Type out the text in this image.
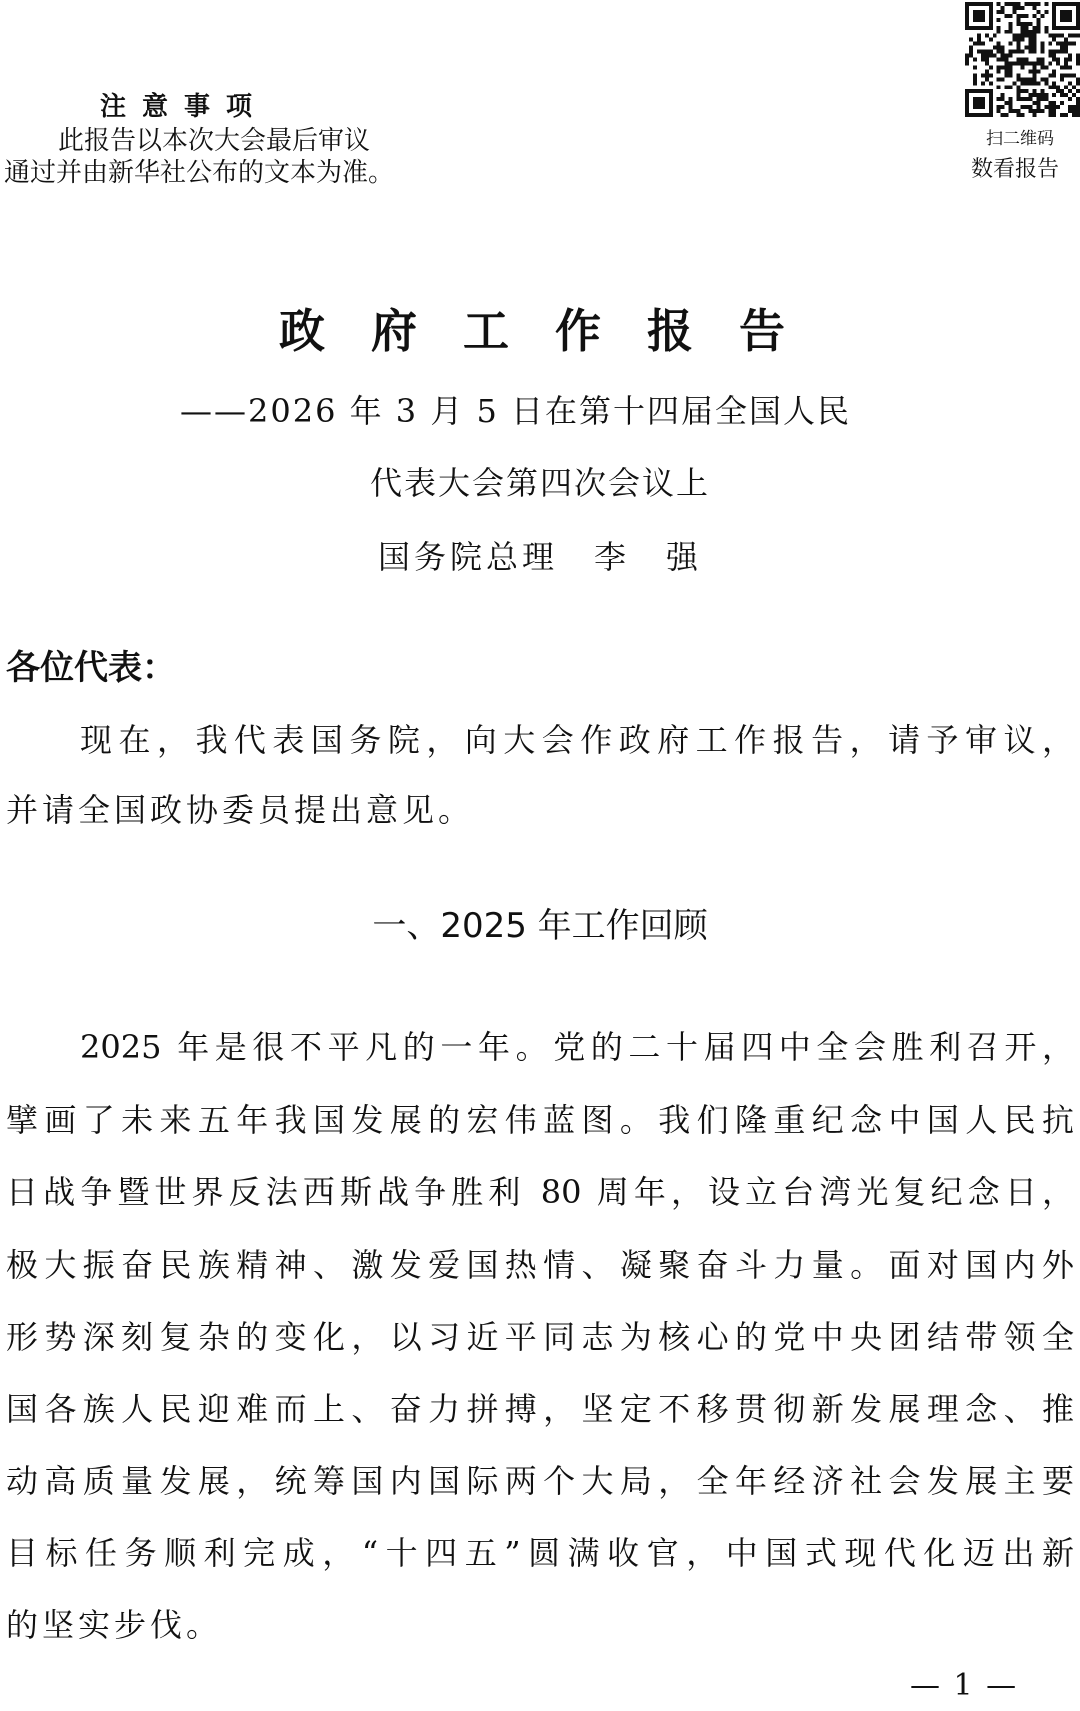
注意事项
此报告以本次大会最后审议
通过并由新华社公布的文本为准。
扫二维码
数看报告
政府工作报告
——2026 年 3 月 5 日在第十四届全国人民
代表大会第四次会议上
国务院总理　李　强
各位代表：
现在，我代表国务院，向大会作政府工作报告，请予审议，
并请全国政协委员提出意见。
一、2025 年工作回顾
2025 年是很不平凡的一年。党的二十届四中全会胜利召开，
擘画了未来五年我国发展的宏伟蓝图。我们隆重纪念中国人民抗
日战争暨世界反法西斯战争胜利 80 周年，设立台湾光复纪念日，
极大振奋民族精神、激发爱国热情、凝聚奋斗力量。面对国内外
形势深刻复杂的变化，以习近平同志为核心的党中央团结带领全
国各族人民迎难而上、奋力拼搏，坚定不移贯彻新发展理念、推
动高质量发展，统筹国内国际两个大局，全年经济社会发展主要
目标任务顺利完成，“十四五”圆满收官，中国式现代化迈出新
的坚实步伐。
— 1 —
